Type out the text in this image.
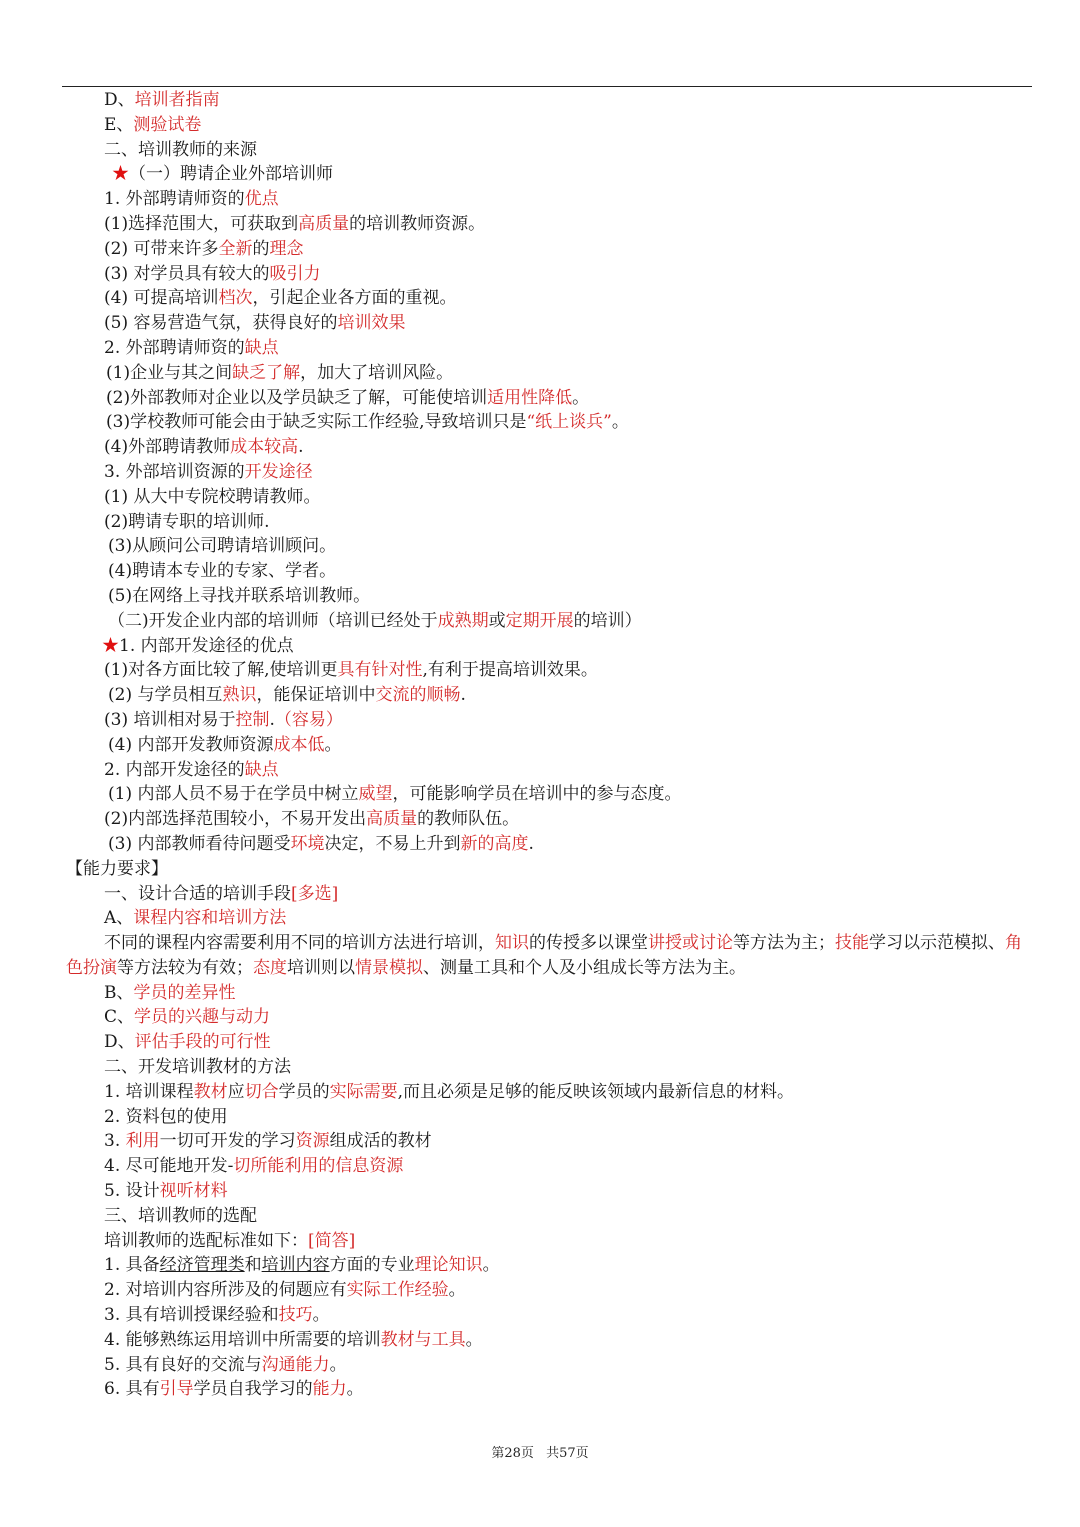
D、培训者指南
E、测验试卷
二、培训教师的来源
★（一）聘请企业外部培训师
1. 外部聘请师资的优点
(1)选择范围大，可获取到高质量的培训教师资源。
(2) 可带来许多全新的理念
(3) 对学员具有较大的吸引力
(4) 可提高培训档次，引起企业各方面的重视。
(5) 容易营造气氛，获得良好的培训效果
2. 外部聘请师资的缺点
(1)企业与其之间缺乏了解，加大了培训风险。
(2)外部教师对企业以及学员缺乏了解，可能使培训适用性降低。
(3)学校教师可能会由于缺乏实际工作经验,导致培训只是“纸上谈兵”。
(4)外部聘请教师成本较高.
3. 外部培训资源的开发途径
(1) 从大中专院校聘请教师。
(2)聘请专职的培训师.
(3)从顾问公司聘请培训顾问。
(4)聘请本专业的专家、学者。
(5)在网络上寻找并联系培训教师。
（二)开发企业内部的培训师（培训已经处于成熟期或定期开展的培训）
★1. 内部开发途径的优点
(1)对各方面比较了解,使培训更具有针对性,有利于提高培训效果。
(2) 与学员相互熟识，能保证培训中交流的顺畅.
(3) 培训相对易于控制.（容易）
(4) 内部开发教师资源成本低。
2. 内部开发途径的缺点
(1) 内部人员不易于在学员中树立威望，可能影响学员在培训中的参与态度。
(2)内部选择范围较小，不易开发出高质量的教师队伍。
(3) 内部教师看待问题受环境决定，不易上升到新的高度.
【能力要求】
一、设计合适的培训手段[多选]
A、课程内容和培训方法
不同的课程内容需要利用不同的培训方法进行培训，知识的传授多以课堂讲授或讨论等方法为主；技能学习以示范模拟、角色扮演等方法较为有效；态度培训则以情景模拟、测量工具和个人及小组成长等方法为主。
B、学员的差异性
C、学员的兴趣与动力
D、评估手段的可行性
二、开发培训教材的方法
1. 培训课程教材应切合学员的实际需要,而且必须是足够的能反映该领域内最新信息的材料。
2. 资料包的使用
3. 利用一切可开发的学习资源组成活的教材
4. 尽可能地开发-切所能利用的信息资源
5. 设计视听材料
三、培训教师的选配
培训教师的选配标准如下：[简答]
1. 具备经济管理类和培训内容方面的专业理论知识。
2. 对培训内容所涉及的伺题应有实际工作经验。
3. 具有培训授课经验和技巧。
4. 能够熟练运用培训中所需要的培训教材与工具。
5. 具有良好的交流与沟通能力。
6. 具有引导学员自我学习的能力。
第28页 共57页
